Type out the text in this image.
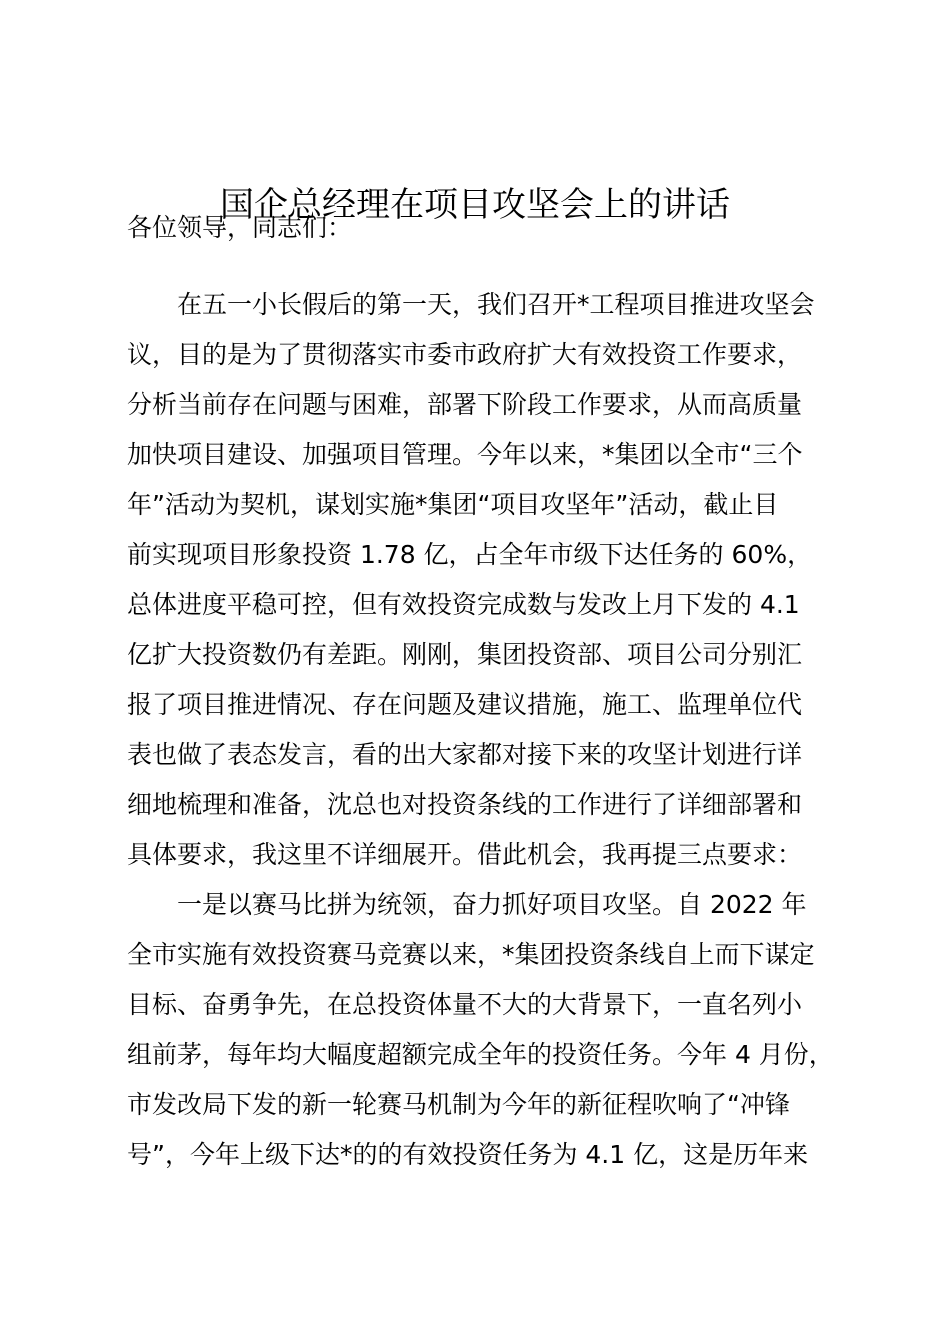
国企总经理在项目攻坚会上的讲话
各位领导，同志们：
在五一小长假后的第一天，我们召开*工程项目推进攻坚会
议，目的是为了贯彻落实市委市政府扩大有效投资工作要求，
分析当前存在问题与困难，部署下阶段工作要求，从而高质量
加快项目建设、加强项目管理。今年以来，*集团以全市“三个
年”活动为契机，谋划实施*集团“项目攻坚年”活动，截止目
前实现项目形象投资 1.78 亿，占全年市级下达任务的 60%，
总体进度平稳可控，但有效投资完成数与发改上月下发的 4.1
亿扩大投资数仍有差距。刚刚，集团投资部、项目公司分别汇
报了项目推进情况、存在问题及建议措施，施工、监理单位代
表也做了表态发言，看的出大家都对接下来的攻坚计划进行详
细地梳理和准备，沈总也对投资条线的工作进行了详细部署和
具体要求，我这里不详细展开。借此机会，我再提三点要求：
一是以赛马比拼为统领，奋力抓好项目攻坚。自 2022 年
全市实施有效投资赛马竞赛以来，*集团投资条线自上而下谋定
目标、奋勇争先，在总投资体量不大的大背景下，一直名列小
组前茅，每年均大幅度超额完成全年的投资任务。今年 4 月份，
市发改局下发的新一轮赛马机制为今年的新征程吹响了“冲锋
号”，今年上级下达*的的有效投资任务为 4.1 亿，这是历年来
